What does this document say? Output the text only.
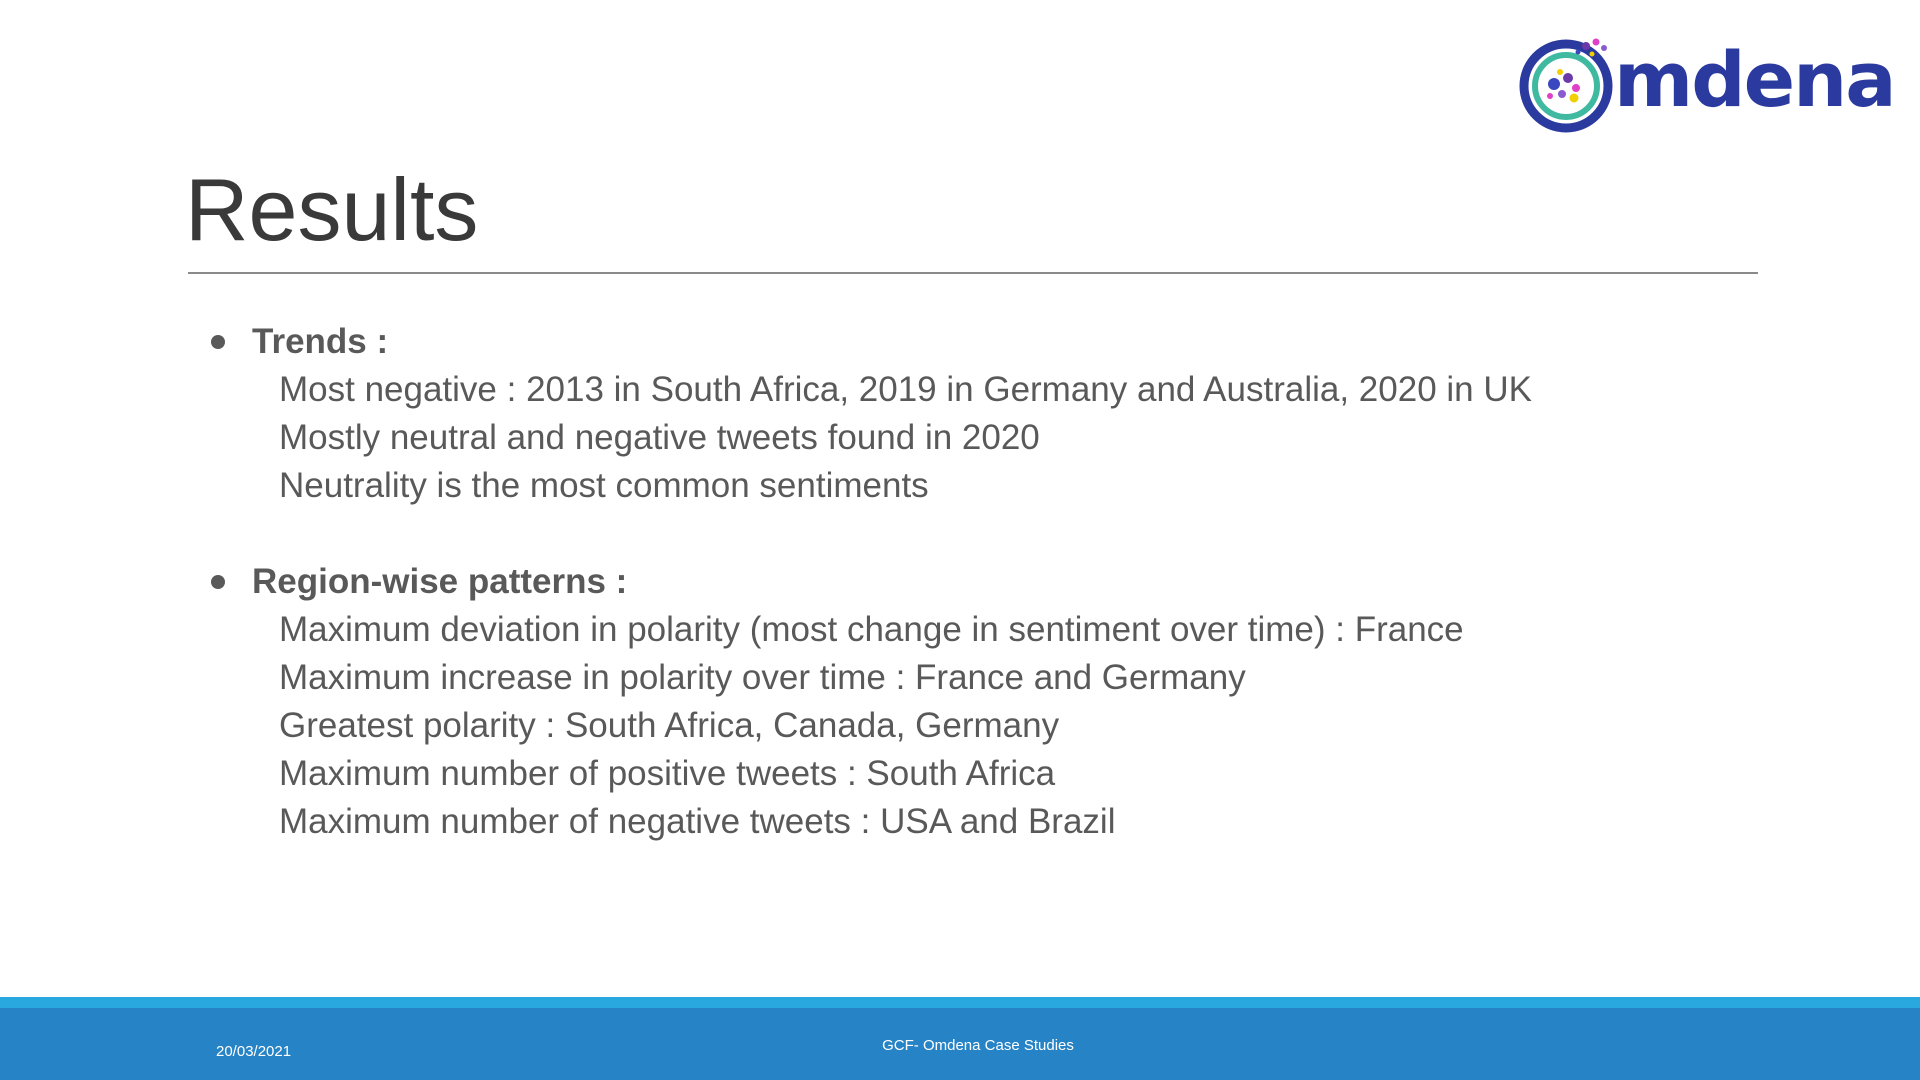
mdena
Results
Trends :
Most negative : 2013 in South Africa, 2019 in Germany and Australia, 2020 in UK
Mostly neutral and negative tweets found in 2020
Neutrality is the most common sentiments
Region-wise patterns :
Maximum deviation in polarity (most change in sentiment over time) : France
Maximum increase in polarity over time : France and Germany
Greatest polarity : South Africa, Canada, Germany
Maximum number of positive tweets : South Africa
Maximum number of negative tweets : USA and Brazil
20/03/2021	GCF- Omdena Case Studies
